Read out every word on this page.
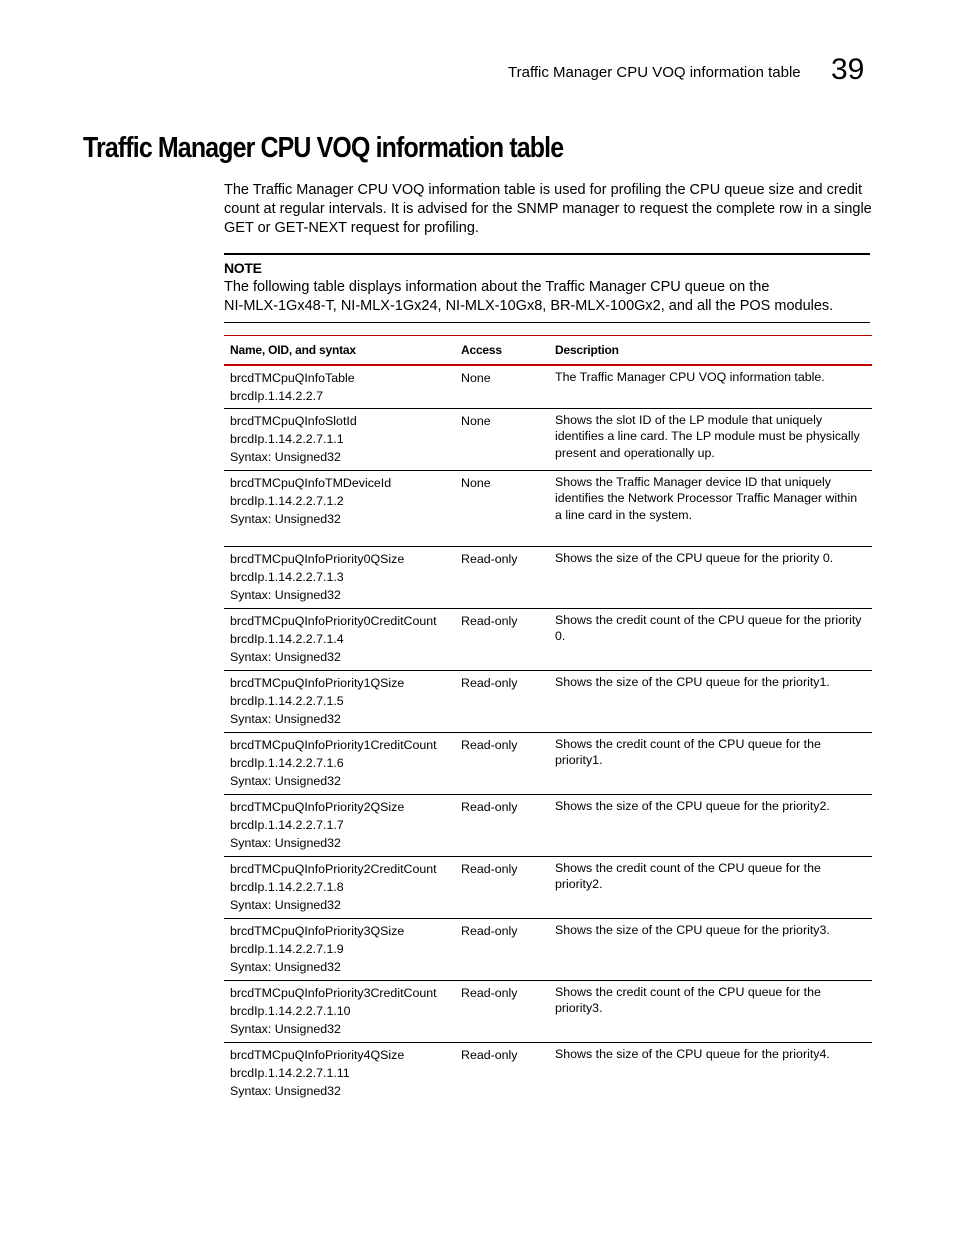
Traffic Manager CPU VOQ information table 39
Traffic Manager CPU VOQ information table

The Traffic Manager CPU VOQ information table is used for profiling the CPU queue size and credit count at regular intervals. It is advised for the SNMP manager to request the complete row in a single GET or GET-NEXT request for profiling.

NOTE
The following table displays information about the Traffic Manager CPU queue on the
NI-MLX-1Gx48-T, NI-MLX-1Gx24, NI-MLX-10Gx8, BR-MLX-100Gx2, and all the POS modules.
Name, OID, and syntax	Access	Description

brcdTMCpuQInfoTable
brcdIp.1.14.2.2.7	None	The Traffic Manager CPU VOQ information table.

brcdTMCpuQInfoSlotId
brcdIp.1.14.2.2.7.1.1
Syntax: Unsigned32	None	Shows the slot ID of the LP module that uniquely identifies a line card. The LP module must be physically present and operationally up.

brcdTMCpuQInfoTMDeviceId
brcdIp.1.14.2.2.7.1.2
Syntax: Unsigned32	None	Shows the Traffic Manager device ID that uniquely identifies the Network Processor Traffic Manager within a line card in the system.

brcdTMCpuQInfoPriority0QSize
brcdIp.1.14.2.2.7.1.3
Syntax: Unsigned32	Read-only	Shows the size of the CPU queue for the priority 0.

brcdTMCpuQInfoPriority0CreditCount
brcdIp.1.14.2.2.7.1.4
Syntax: Unsigned32	Read-only	Shows the credit count of the CPU queue for the priority 0.

brcdTMCpuQInfoPriority1QSize
brcdIp.1.14.2.2.7.1.5
Syntax: Unsigned32	Read-only	Shows the size of the CPU queue for the priority1.

brcdTMCpuQInfoPriority1CreditCount
brcdIp.1.14.2.2.7.1.6
Syntax: Unsigned32	Read-only	Shows the credit count of the CPU queue for the priority1.

brcdTMCpuQInfoPriority2QSize
brcdIp.1.14.2.2.7.1.7
Syntax: Unsigned32	Read-only	Shows the size of the CPU queue for the priority2.

brcdTMCpuQInfoPriority2CreditCount
brcdIp.1.14.2.2.7.1.8
Syntax: Unsigned32	Read-only	Shows the credit count of the CPU queue for the priority2.

brcdTMCpuQInfoPriority3QSize
brcdIp.1.14.2.2.7.1.9
Syntax: Unsigned32	Read-only	Shows the size of the CPU queue for the priority3.

brcdTMCpuQInfoPriority3CreditCount
brcdIp.1.14.2.2.7.1.10
Syntax: Unsigned32	Read-only	Shows the credit count of the CPU queue for the priority3.

brcdTMCpuQInfoPriority4QSize
brcdIp.1.14.2.2.7.1.11
Syntax: Unsigned32	Read-only	Shows the size of the CPU queue for the priority4.
